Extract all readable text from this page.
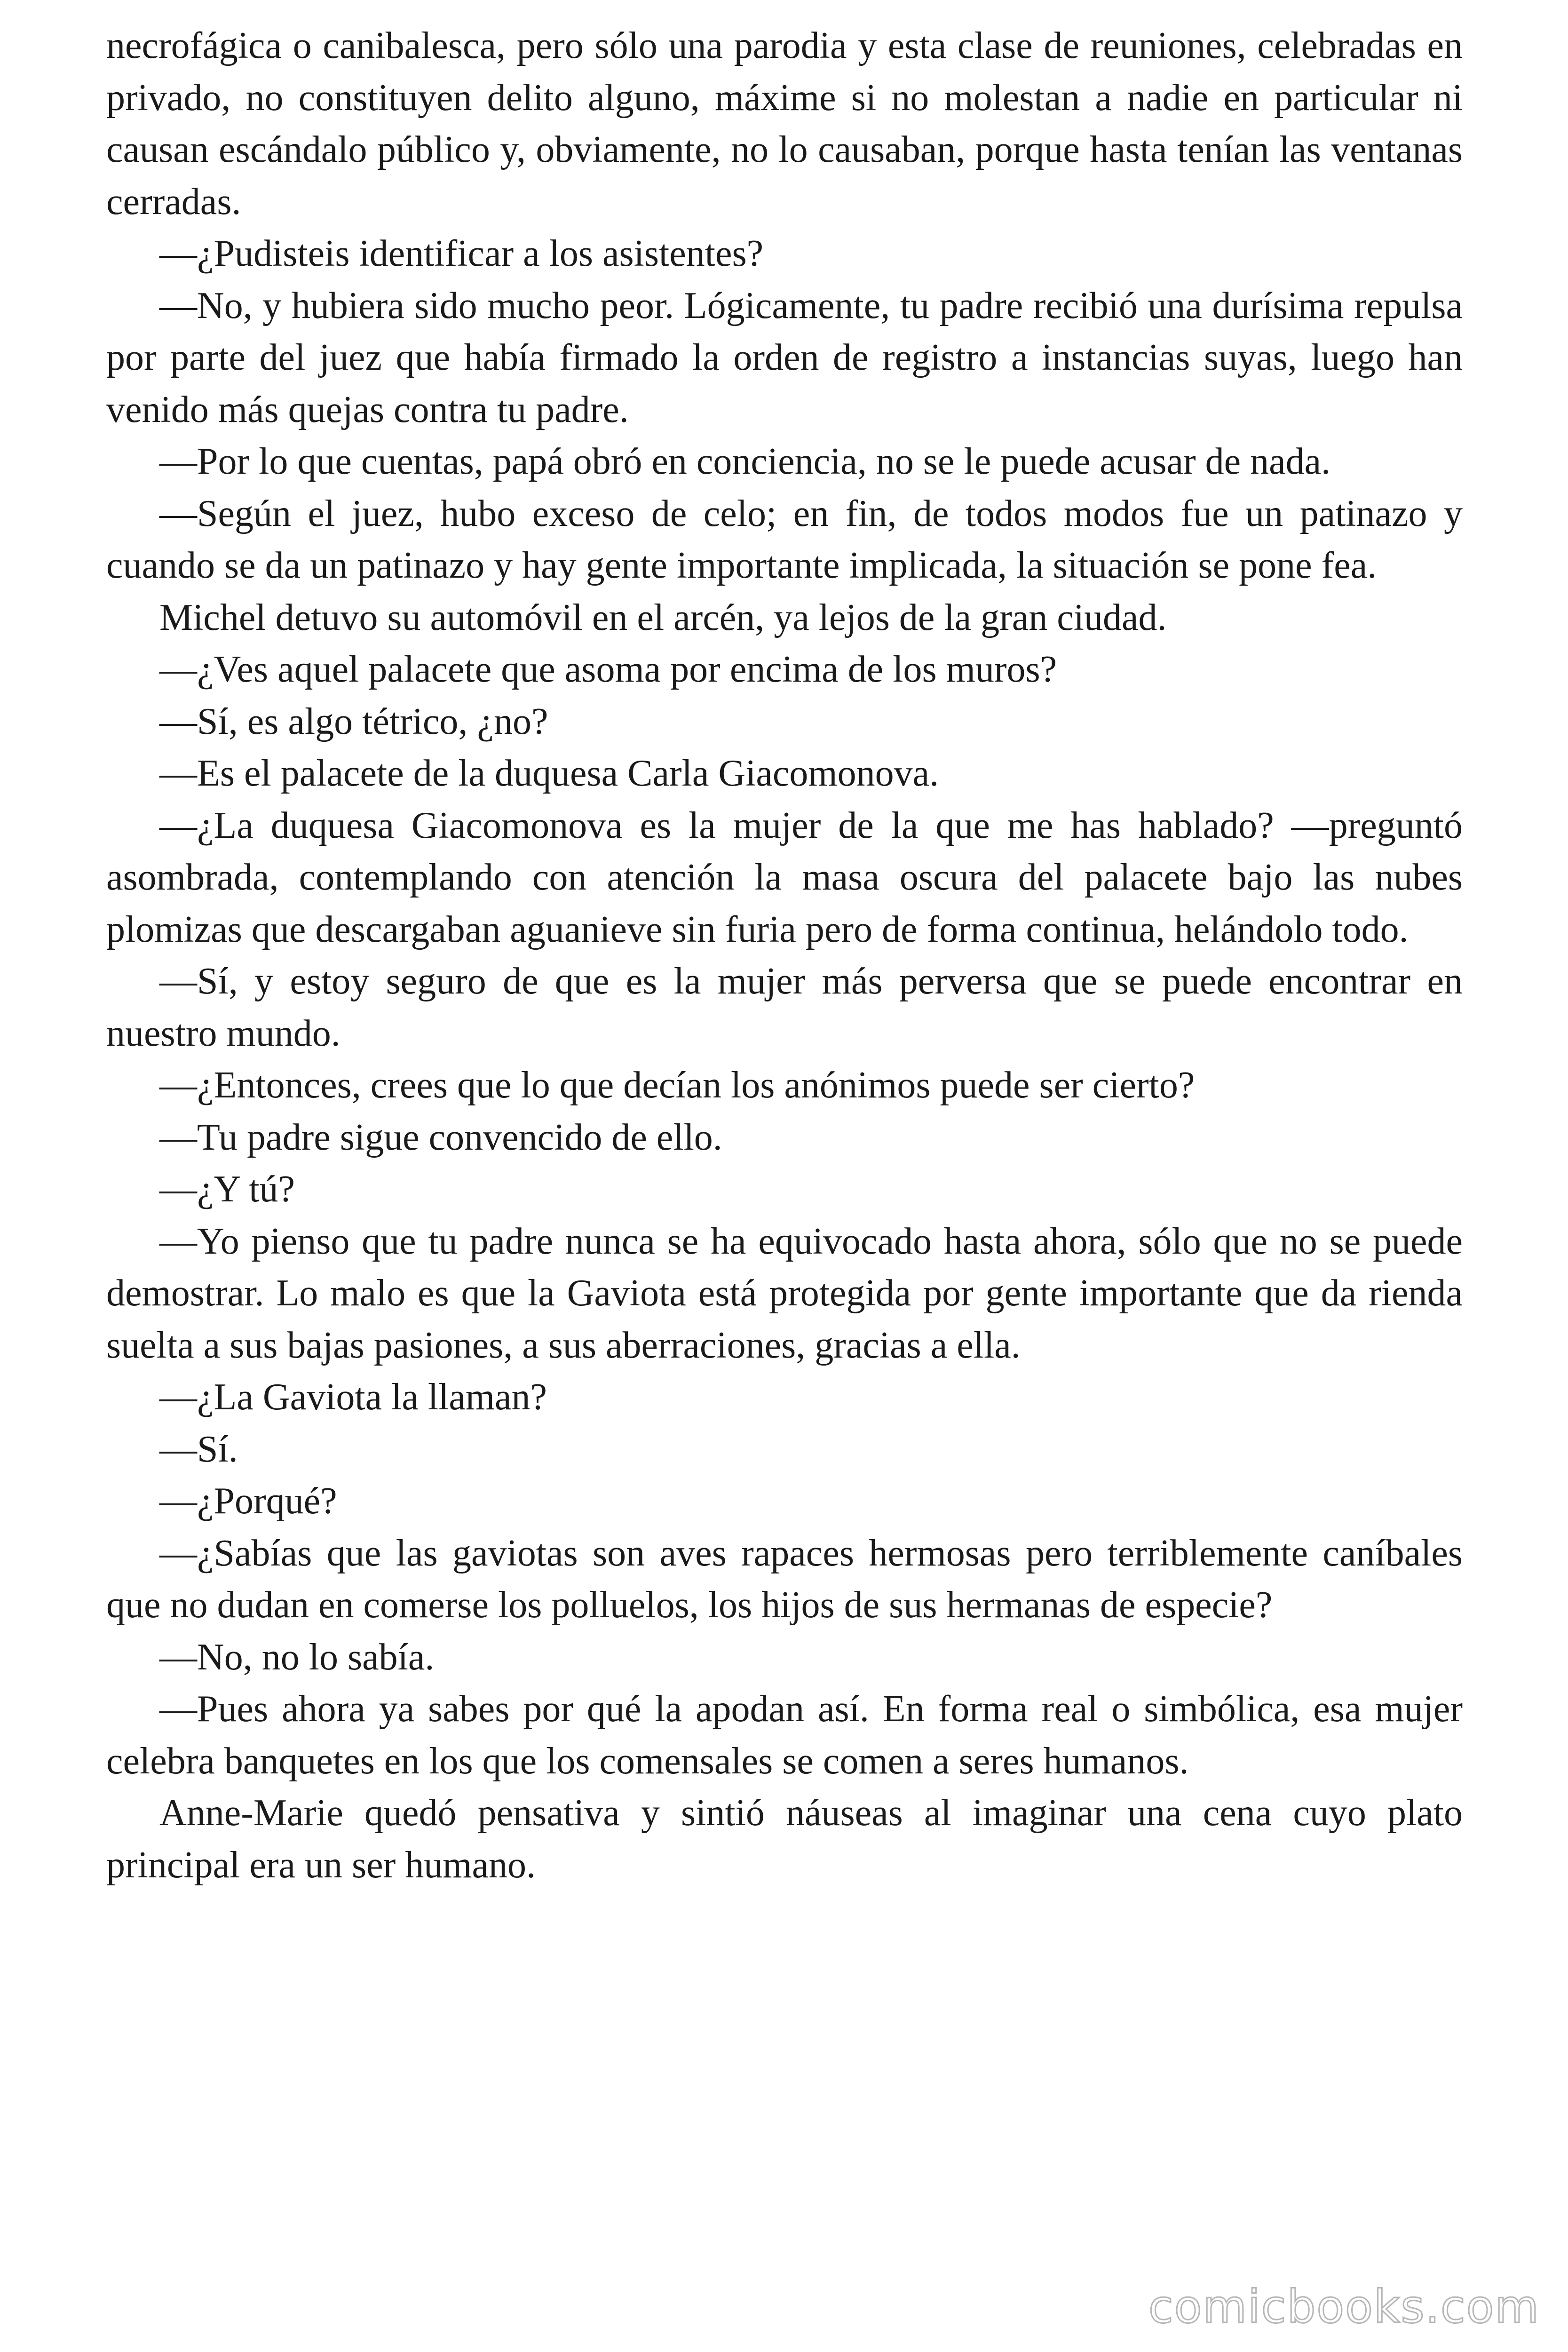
necrofágica o canibalesca, pero sólo una parodia y esta clase de reuniones, celebradas en privado, no constituyen delito alguno, máxime si no molestan a nadie en particular ni causan escándalo público y, obviamente, no lo causaban, porque hasta tenían las ventanas cerradas.

—¿Pudisteis identificar a los asistentes?

—No, y hubiera sido mucho peor. Lógicamente, tu padre recibió una durísima repulsa por parte del juez que había firmado la orden de registro a instancias suyas, luego han venido más quejas contra tu padre.

—Por lo que cuentas, papá obró en conciencia, no se le puede acusar de nada.

—Según el juez, hubo exceso de celo; en fin, de todos modos fue un patinazo y cuando se da un patinazo y hay gente importante implicada, la situación se pone fea.

Michel detuvo su automóvil en el arcén, ya lejos de la gran ciudad.

—¿Ves aquel palacete que asoma por encima de los muros?

—Sí, es algo tétrico, ¿no?

—Es el palacete de la duquesa Carla Giacomonova.

—¿La duquesa Giacomonova es la mujer de la que me has hablado? —preguntó asombrada, contemplando con atención la masa oscura del palacete bajo las nubes plomizas que descargaban aguanieve sin furia pero de forma continua, helándolo todo.

—Sí, y estoy seguro de que es la mujer más perversa que se puede encontrar en nuestro mundo.

—¿Entonces, crees que lo que decían los anónimos puede ser cierto?

—Tu padre sigue convencido de ello.

—¿Y tú?

—Yo pienso que tu padre nunca se ha equivocado hasta ahora, sólo que no se puede demostrar. Lo malo es que la Gaviota está protegida por gente importante que da rienda suelta a sus bajas pasiones, a sus aberraciones, gracias a ella.

—¿La Gaviota la llaman?

—Sí.

—¿Porqué?

—¿Sabías que las gaviotas son aves rapaces hermosas pero terriblemente caníbales que no dudan en comerse los polluelos, los hijos de sus hermanas de especie?

—No, no lo sabía.

—Pues ahora ya sabes por qué la apodan así. En forma real o simbólica, esa mujer celebra banquetes en los que los comensales se comen a seres humanos.

Anne-Marie quedó pensativa y sintió náuseas al imaginar una cena cuyo plato principal era un ser humano.

comicbooks.com
